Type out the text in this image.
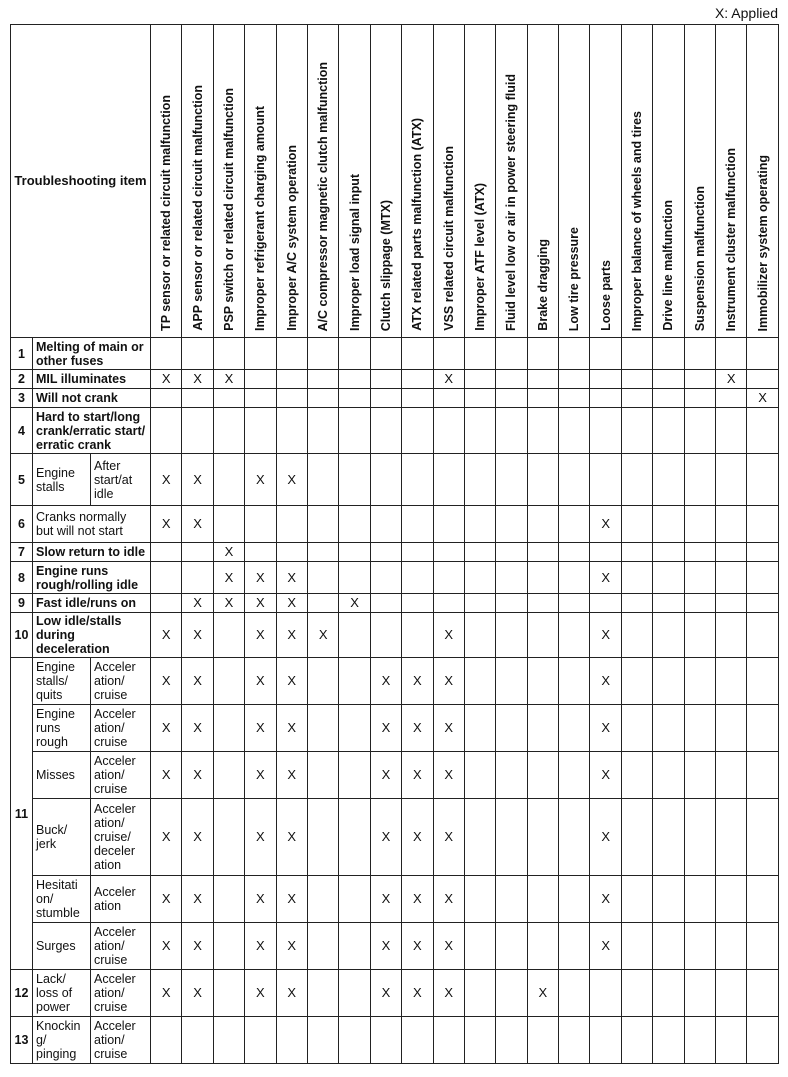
X: Applied
Troubleshooting item			TP sensor or related circuit malfunction	APP sensor or related circuit malfunction	PSP switch or related circuit malfunction	Improper refrigerant charging amount	Improper A/C system operation	A/C compressor magnetic clutch malfunction	Improper load signal input	Clutch slippage (MTX)	ATX related parts malfunction (ATX)	VSS related circuit malfunction	Improper ATF level (ATX)	Fluid level low or air in power steering fluid	Brake dragging	Low tire pressure	Loose parts	Improper balance of wheels and tires	Drive line malfunction	Suspension malfunction	Instrument cluster malfunction	Immobilizer system operating

1	Melting of main or other fuses																					
2	MIL illuminates		X	X	X							X									X	
3	Will not crank																					X
4	Hard to start/long crank/erratic start/ erratic crank																					
5	Engine stalls	After start/at idle	X	X		X	X															
6	Cranks normally but will not start		X	X													X					
7	Slow return to idle				X																	
8	Engine runs rough/rolling idle				X	X	X										X					
9	Fast idle/runs on			X	X	X	X		X													
10	Low idle/stalls during deceleration		X	X		X	X	X				X					X					
11	Engine stalls/ quits	Acceler ation/ cruise	X	X		X	X			X	X	X					X					
	Engine runs rough	Acceler ation/ cruise	X	X		X	X			X	X	X					X					
	Misses	Acceler ation/ cruise	X	X		X	X			X	X	X					X					
	Buck/ jerk	Acceler ation/ cruise/ deceler ation	X	X		X	X			X	X	X					X					
	Hesitati on/ stumble	Acceler ation	X	X		X	X			X	X	X					X					
	Surges	Acceler ation/ cruise	X	X		X	X			X	X	X					X					
12	Lack/ loss of power	Acceler ation/ cruise	X	X		X	X			X	X	X			X							
13	Knockin g/ pinging	Acceler ation/ cruise																				
